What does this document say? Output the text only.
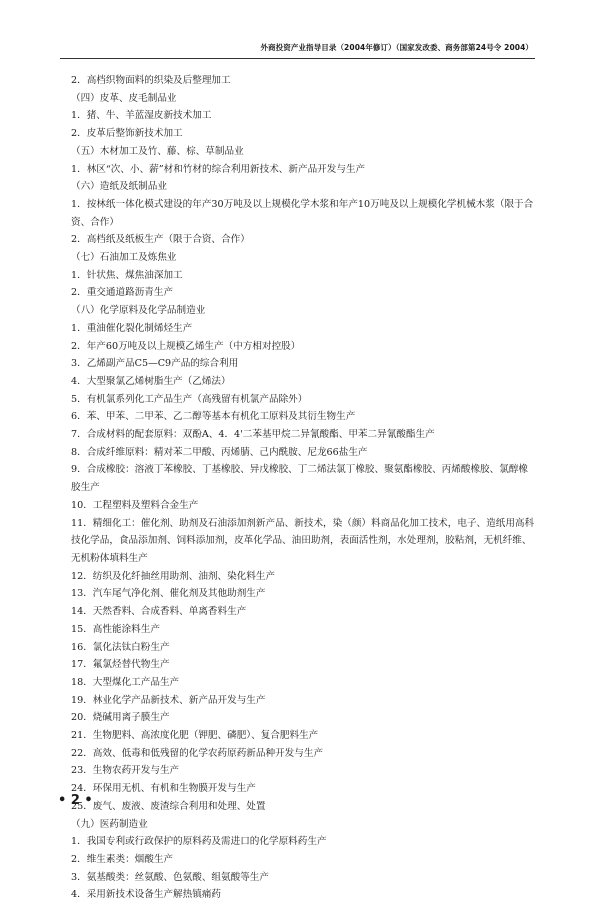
外商投资产业指导目录（2004年修订）（国家发改委、商务部第24号令 2004）
2．高档织物面料的织染及后整理加工
（四）皮革、皮毛制品业
1．猪、牛、羊蓝湿皮新技术加工
2．皮革后整饰新技术加工
（五）木材加工及竹、藤、棕、草制品业
1．林区“次、小、薪”材和竹材的综合利用新技术、新产品开发与生产
（六）造纸及纸制品业
1．按林纸一体化模式建设的年产30万吨及以上规模化学木浆和年产10万吨及以上规模化学机械木浆（限于合资、合作）
2．高档纸及纸板生产（限于合资、合作）
（七）石油加工及炼焦业
1．针状焦、煤焦油深加工
2．重交通道路沥青生产
（八）化学原料及化学品制造业
1．重油催化裂化制烯烃生产
2．年产60万吨及以上规模乙烯生产（中方相对控股）
3．乙烯副产品C5—C9产品的综合利用
4．大型聚氯乙烯树脂生产（乙烯法）
5．有机氯系列化工产品生产（高残留有机氯产品除外）
6．苯、甲苯、二甲苯、乙二醇等基本有机化工原料及其衍生物生产
7．合成材料的配套原料：双酚A、4．4'二苯基甲烷二异氰酸酯、甲苯二异氰酸酯生产
8．合成纤维原料：精对苯二甲酸、丙烯腈、己内酰胺、尼龙66盐生产
9．合成橡胶：溶液丁苯橡胶、丁基橡胶、异戊橡胶、丁二烯法氯丁橡胶、聚氨酯橡胶、丙烯酸橡胶、氯醇橡胶生产
10．工程塑料及塑料合金生产
11．精细化工：催化剂、助剂及石油添加剂新产品、新技术，染（颜）料商品化加工技术，电子、造纸用高科技化学品，食品添加剂、饲料添加剂，皮革化学品、油田助剂，表面活性剂，水处理剂，胶粘剂，无机纤维、无机粉体填料生产
12．纺织及化纤抽丝用助剂、油剂、染化料生产
13．汽车尾气净化剂、催化剂及其他助剂生产
14．天然香料、合成香料、单离香料生产
15．高性能涂料生产
16．氯化法钛白粉生产
17．氟氯烃替代物生产
18．大型煤化工产品生产
19．林业化学产品新技术、新产品开发与生产
20．烧碱用离子膜生产
21．生物肥料、高浓度化肥（钾肥、磷肥）、复合肥料生产
22．高效、低毒和低残留的化学农药原药新品种开发与生产
23．生物农药开发与生产
24．环保用无机、有机和生物膜开发与生产
25．废气、废液、废渣综合利用和处理、处置
（九）医药制造业
1．我国专利或行政保护的原料药及需进口的化学原料药生产
2．维生素类：烟酸生产
3．氨基酸类：丝氨酸、色氨酸、组氨酸等生产
4．采用新技术设备生产解热镇痛药
• 2 •
